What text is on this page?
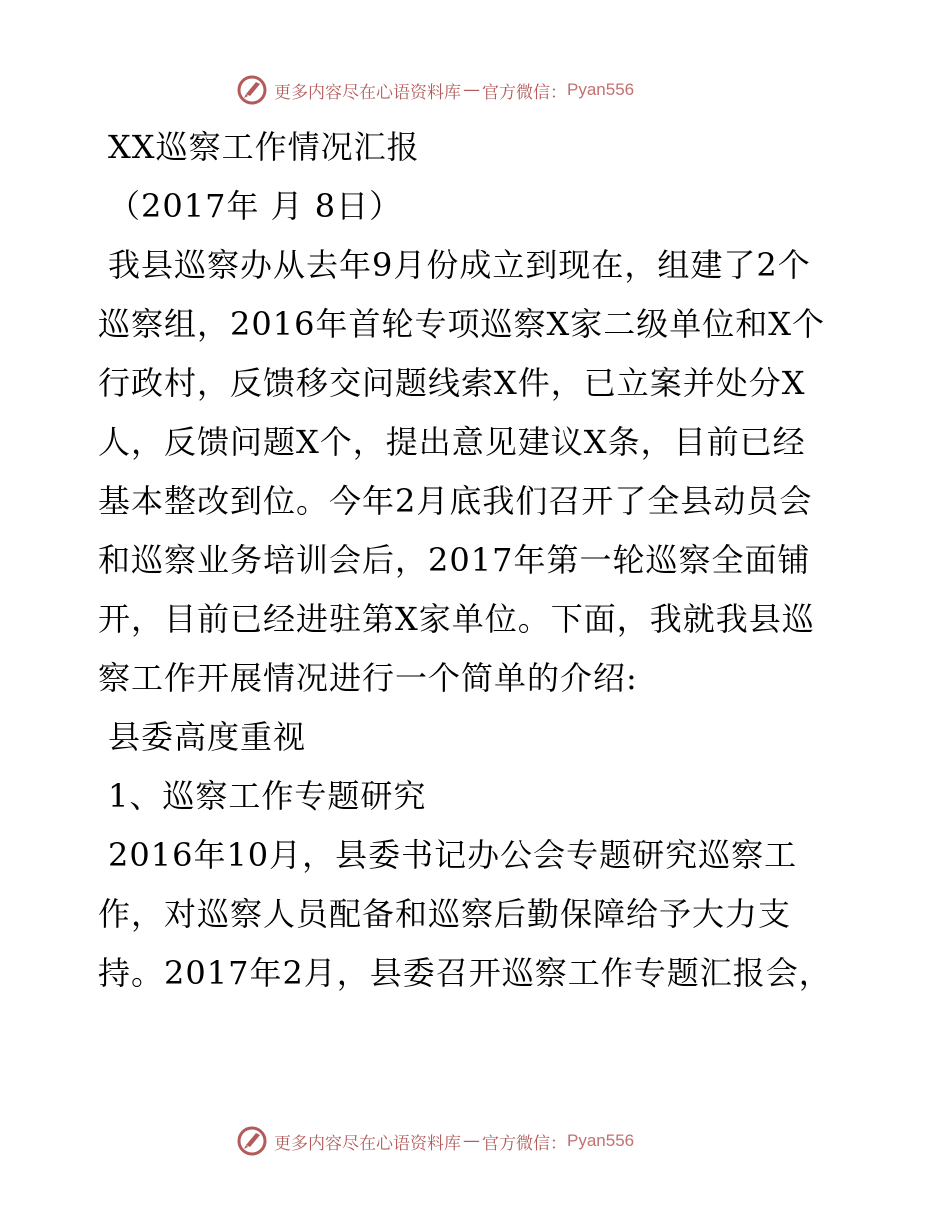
更多内容尽在心语资料库 — 官方微信： Pyan556
XX巡察工作情况汇报
（2017年 月 8日）
我县巡察办从去年9月份成立到现在，组建了2个
巡察组，2016年首轮专项巡察X家二级单位和X个
行政村，反馈移交问题线索X件，已立案并处分X
人，反馈问题X个，提出意见建议X条，目前已经
基本整改到位。今年2月底我们召开了全县动员会
和巡察业务培训会后，2017年第一轮巡察全面铺
开，目前已经进驻第X家单位。下面，我就我县巡
察工作开展情况进行一个简单的介绍:
县委高度重视
1、巡察工作专题研究
2016年10月，县委书记办公会专题研究巡察工
作，对巡察人员配备和巡察后勤保障给予大力支
持。2017年2月，县委召开巡察工作专题汇报会，
更多内容尽在心语资料库 — 官方微信： Pyan556
